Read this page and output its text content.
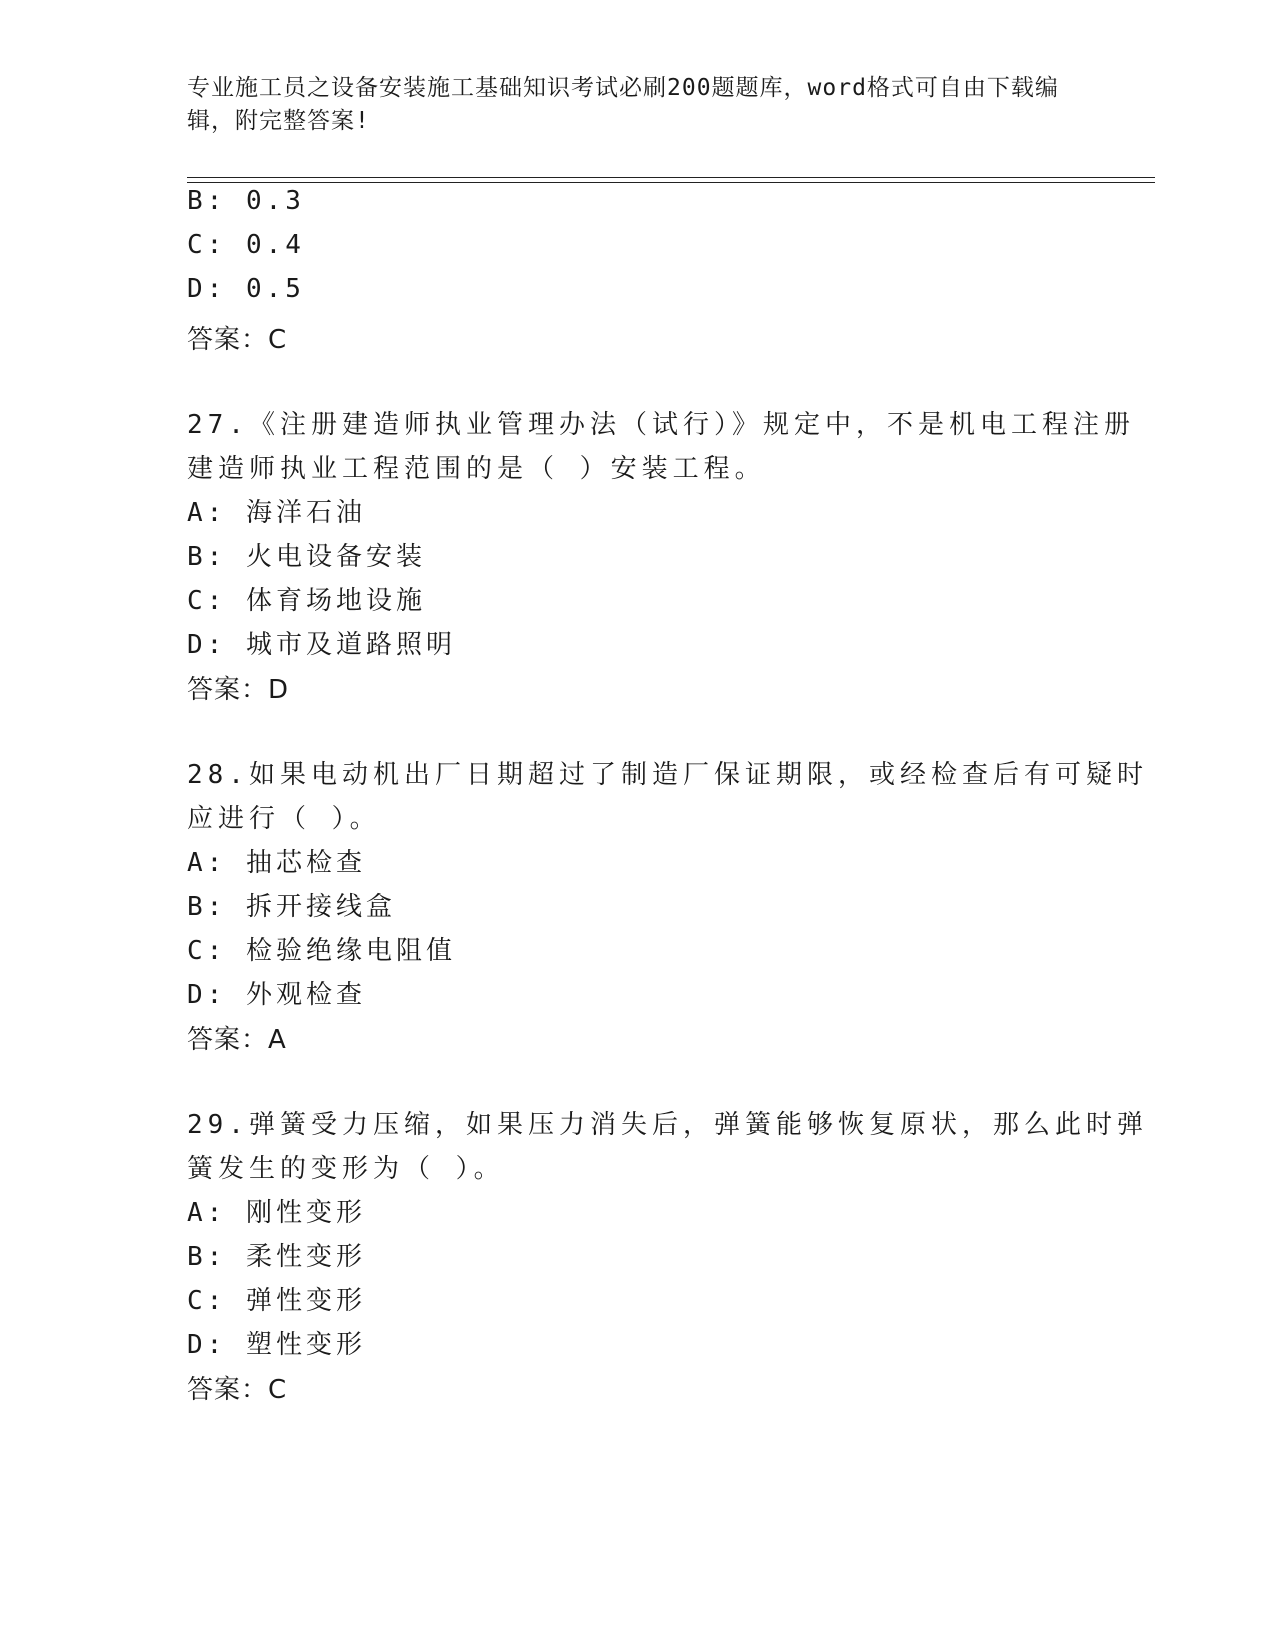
专业施工员之设备安装施工基础知识考试必刷200题题库，word格式可自由下载编辑，附完整答案!
B: 0.3
C: 0.4
D: 0.5
答案：C
27.《注册建造师执业管理办法（试行）》规定中，不是机电工程注册
建造师执业工程范围的是（ ）安装工程。
A: 海洋石油
B: 火电设备安装
C: 体育场地设施
D: 城市及道路照明
答案：D
28.如果电动机出厂日期超过了制造厂保证期限，或经检查后有可疑时
应进行（ ）。
A: 抽芯检查
B: 拆开接线盒
C: 检验绝缘电阻值
D: 外观检查
答案：A
29.弹簧受力压缩，如果压力消失后，弹簧能够恢复原状，那么此时弹
簧发生的变形为（ ）。
A: 刚性变形
B: 柔性变形
C: 弹性变形
D: 塑性变形
答案：C
